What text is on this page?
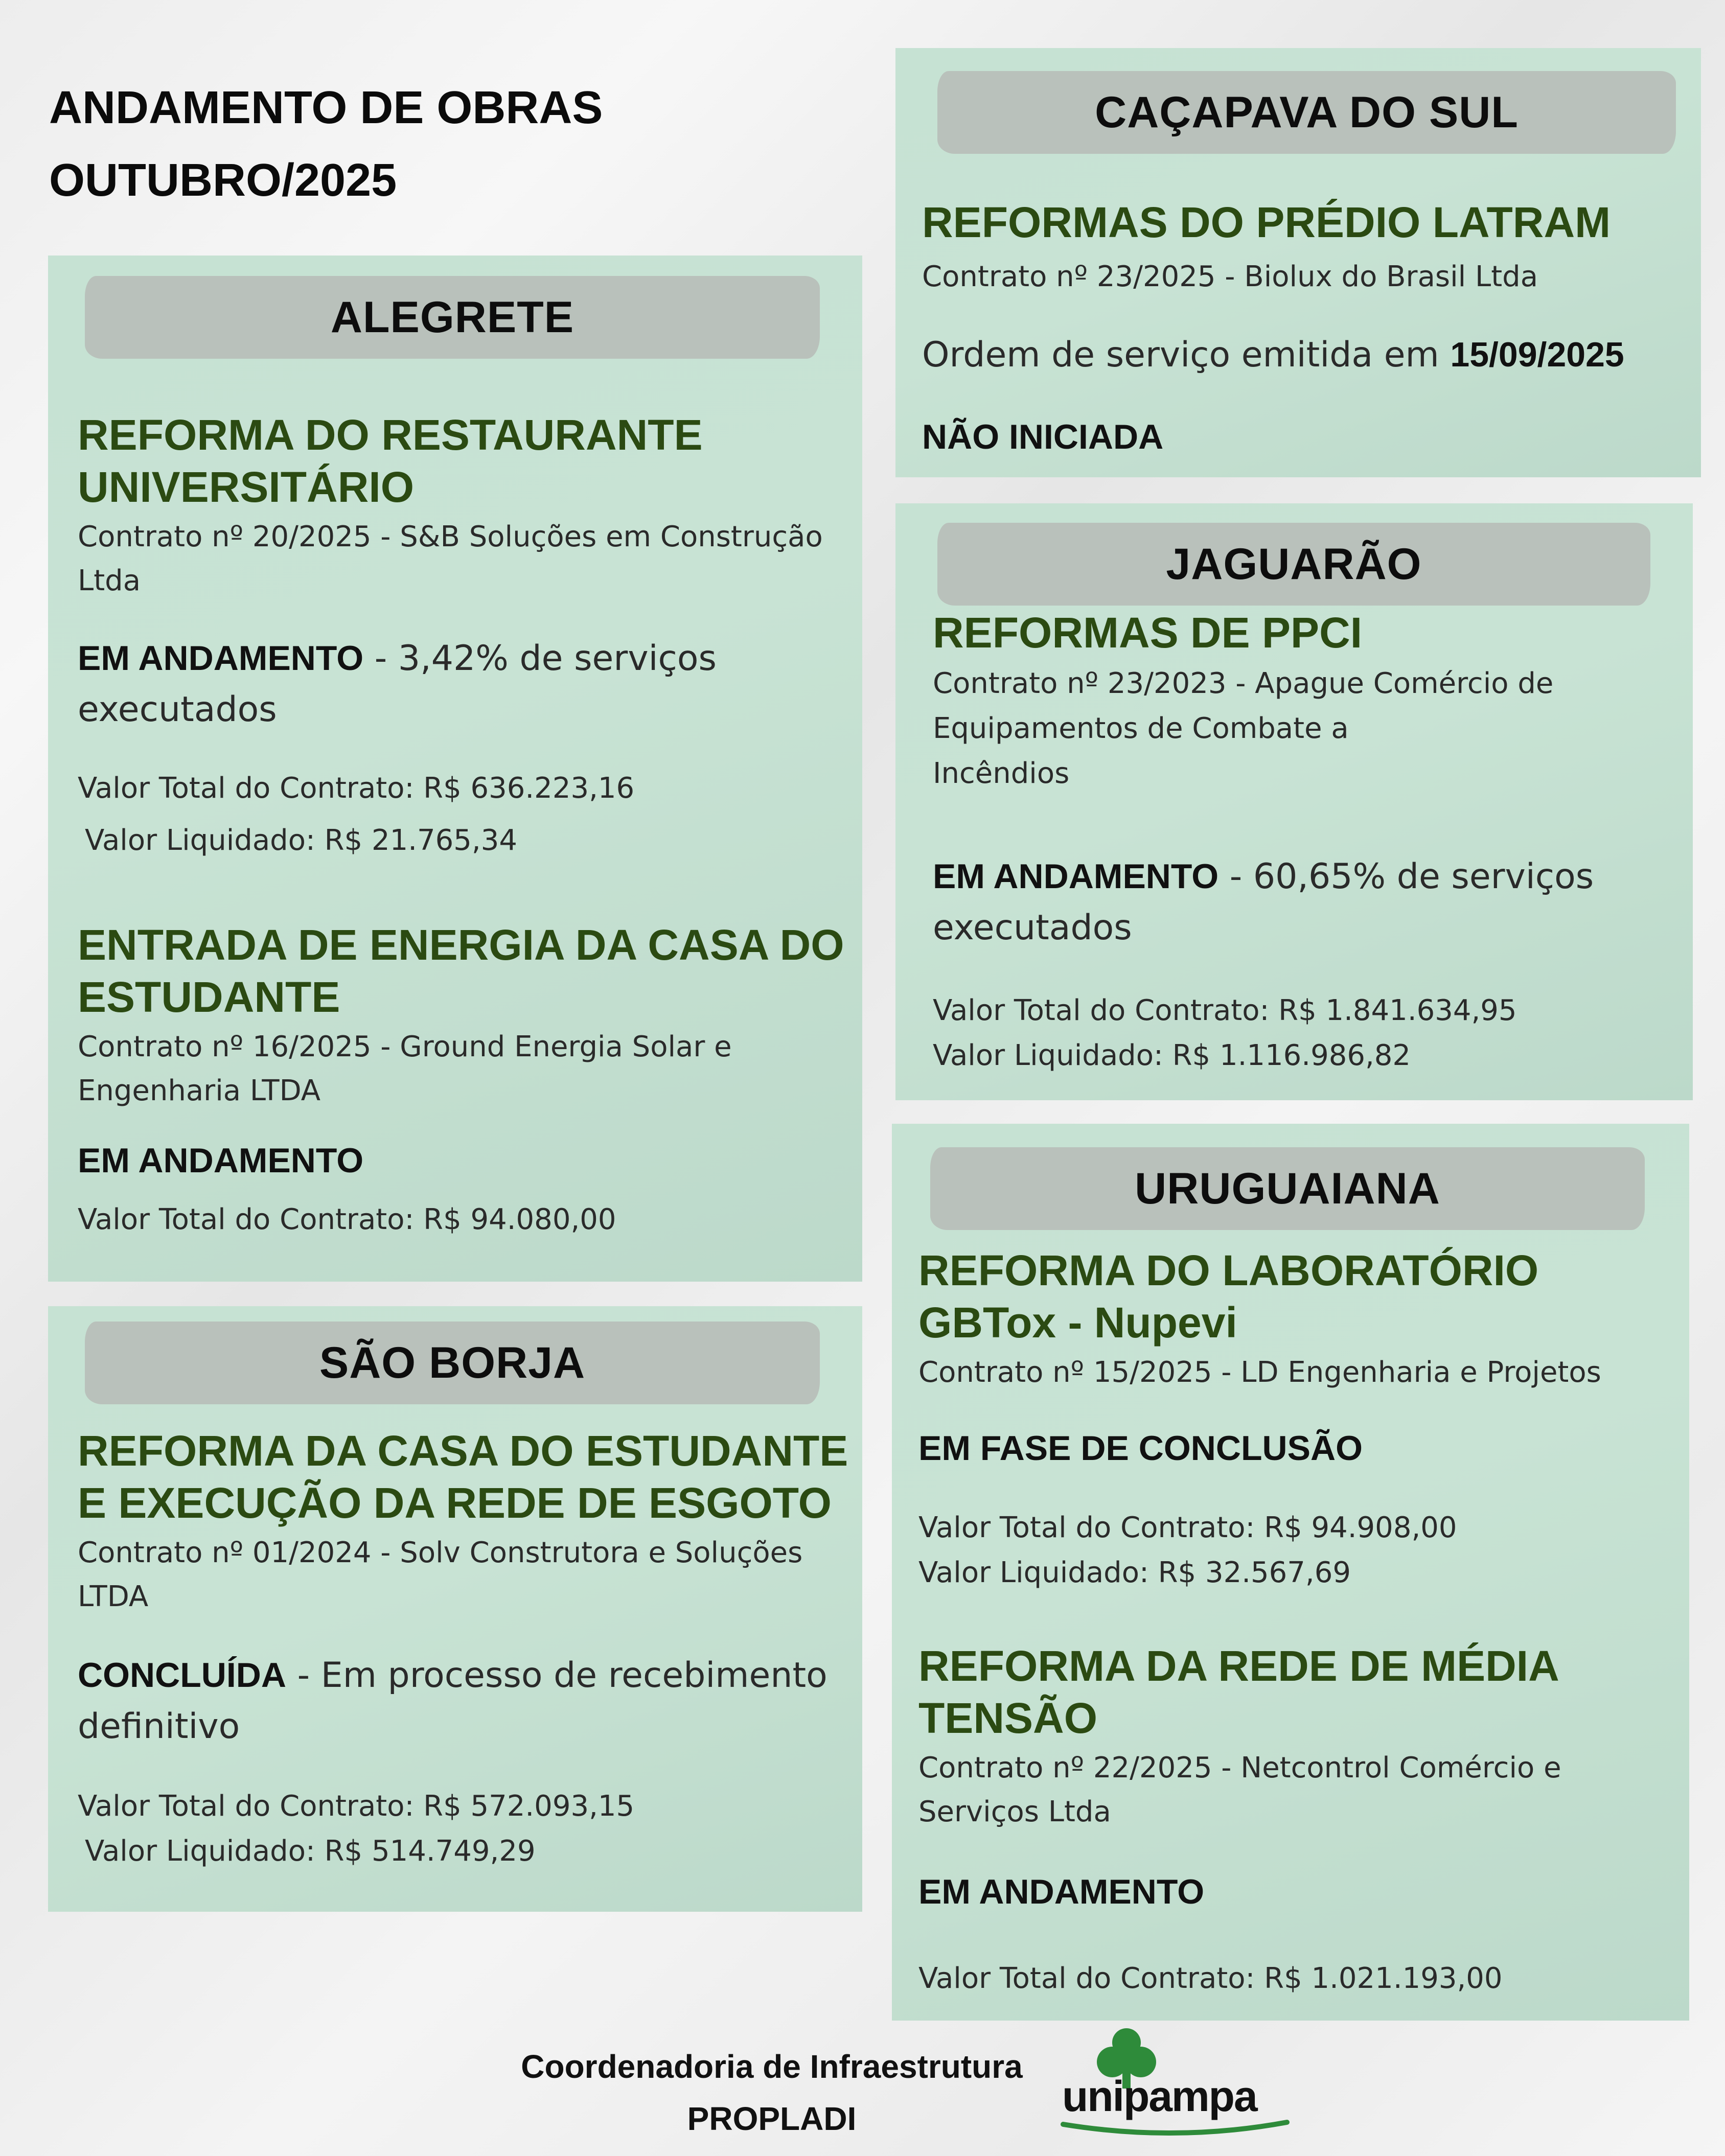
ANDAMENTO DE OBRAS
OUTUBRO/2025
ALEGRETE
REFORMA DO RESTAURANTE UNIVERSITÁRIO

Contrato nº 20/2025 - S&B Soluções em Construção Ltda

EM ANDAMENTO - 3,42% de serviços executados

Valor Total do Contrato: R$ 636.223,16

Valor Liquidado: R$ 21.765,34

ENTRADA DE ENERGIA DA CASA DO ESTUDANTE

Contrato nº 16/2025 - Ground Energia Solar e Engenharia LTDA

EM ANDAMENTO

Valor Total do Contrato: R$ 94.080,00

SÃO BORJA
REFORMA DA CASA DO ESTUDANTE E EXECUÇÃO DA REDE DE ESGOTO

Contrato nº 01/2024 - Solv Construtora e Soluções LTDA

CONCLUÍDA - Em processo de recebimento definitivo

Valor Total do Contrato: R$ 572.093,15

Valor Liquidado: R$ 514.749,29

CAÇAPAVA DO SUL
REFORMAS DO PRÉDIO LATRAM

Contrato nº 23/2025 - Biolux do Brasil Ltda

Ordem de serviço emitida em 15/09/2025

NÃO INICIADA

JAGUARÃO
REFORMAS DE PPCI

Contrato nº 23/2023 - Apague Comércio de

Equipamentos de Combate a

Incêndios

EM ANDAMENTO - 60,65% de serviços executados

Valor Total do Contrato: R$ 1.841.634,95

Valor Liquidado: R$ 1.116.986,82

URUGUAIANA
REFORMA DO LABORATÓRIO GBTox - Nupevi

Contrato nº 15/2025 - LD Engenharia e Projetos

EM FASE DE CONCLUSÃO

Valor Total do Contrato: R$ 94.908,00

Valor Liquidado: R$ 32.567,69

REFORMA DA REDE DE MÉDIA TENSÃO

Contrato nº 22/2025 - Netcontrol Comércio e Serviços Ltda

EM ANDAMENTO

Valor Total do Contrato: R$ 1.021.193,00

Coordenadoria de Infraestrutura

PROPLADI	unipampa
